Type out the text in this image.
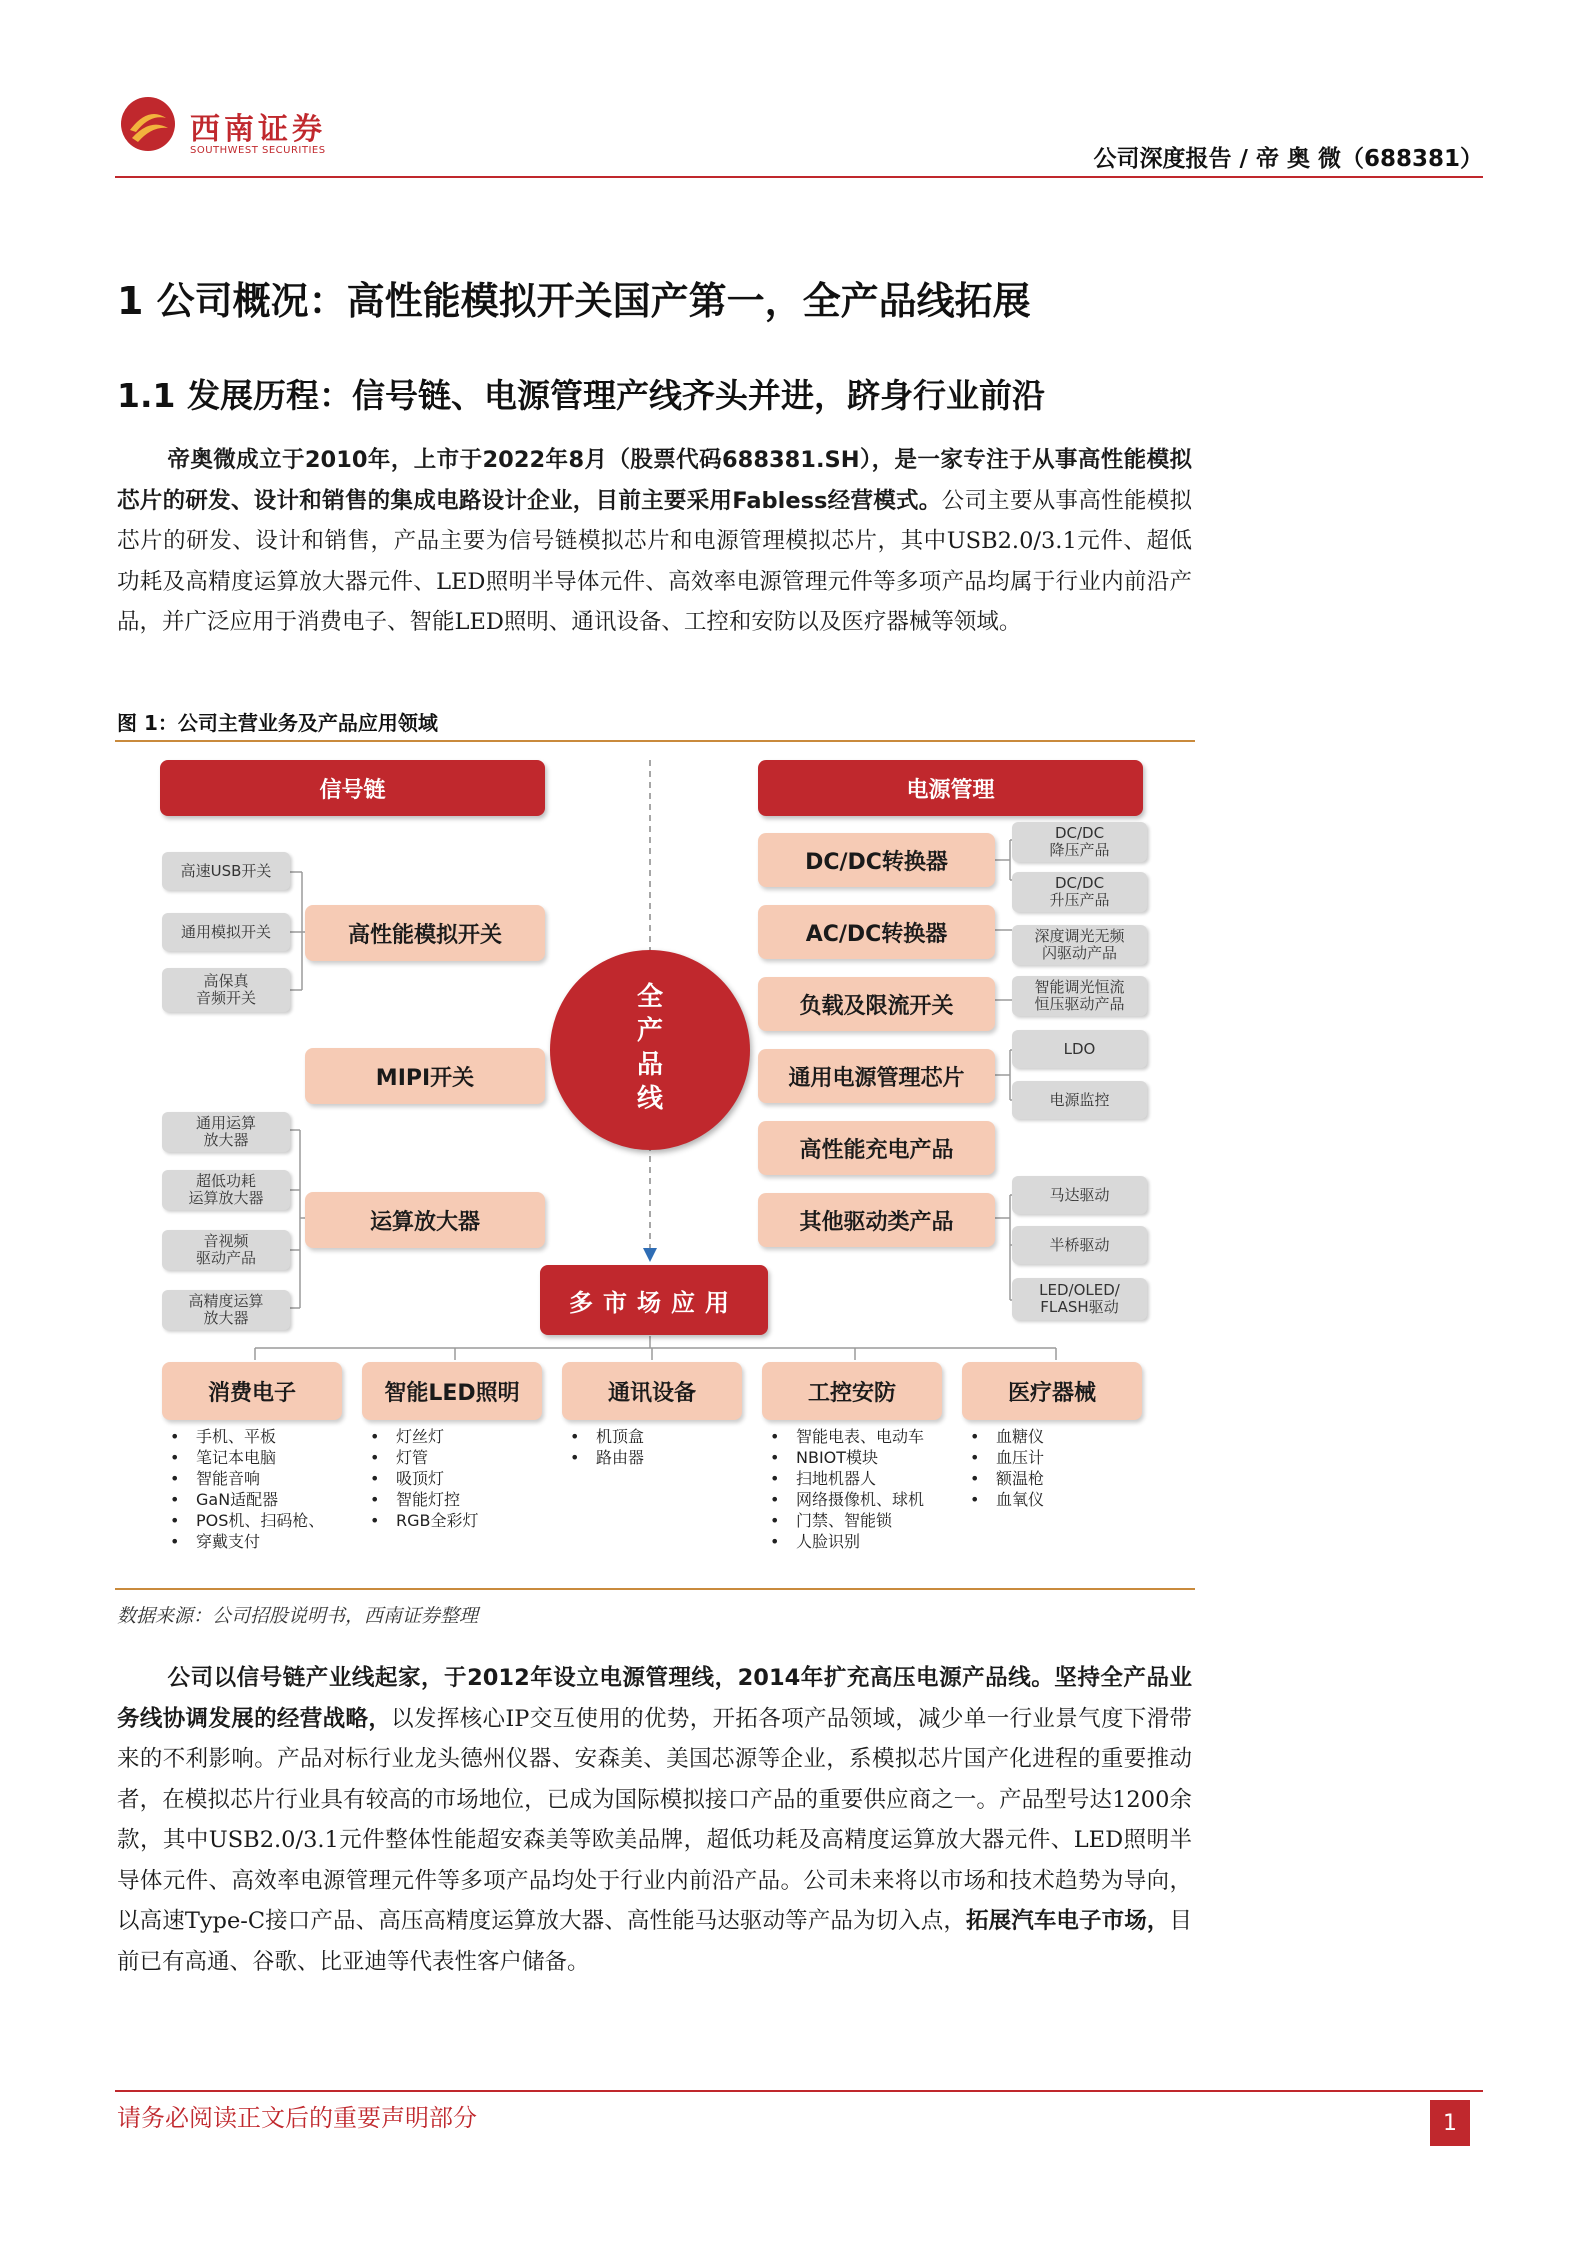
西南证券
SOUTHWEST SECURITIES	公司深度报告 / 帝 奥 微（688381）
1 公司概况：高性能模拟开关国产第一，全产品线拓展
1.1 发展历程：信号链、电源管理产线齐头并进，跻身行业前沿
帝奥微成立于2010年，上市于2022年8月（股票代码688381.SH），是一家专注于从事高性能模拟芯片的研发、设计和销售的集成电路设计企业，目前主要采用Fabless经营模式。公司主要从事高性能模拟芯片的研发、设计和销售，产品主要为信号链模拟芯片和电源管理模拟芯片，其中USB2.0/3.1元件、超低功耗及高精度运算放大器元件、LED照明半导体元件、高效率电源管理元件等多项产品均属于行业内前沿产品，并广泛应用于消费电子、智能LED照明、通讯设备、工控和安防以及医疗器械等领域。
图 1：公司主营业务及产品应用领域
信号链
高性能模拟开关
MIPI开关
运算放大器
高速USB开关
通用模拟开关
高保真
音频开关
通用运算
放大器
超低功耗
运算放大器
音视频
驱动产品
高精度运算
放大器
全
产
品
线
电源管理
DC/DC转换器
AC/DC转换器
负载及限流开关
通用电源管理芯片
高性能充电产品
其他驱动类产品
DC/DC
降压产品
DC/DC
升压产品
深度调光无频
闪驱动产品
智能调光恒流
恒压驱动产品
LDO
电源监控
马达驱动
半桥驱动
LED/OLED/
FLASH驱动
多市场应用
消费电子	智能LED照明	通讯设备	工控安防	医疗器械
• 手机、平板
• 笔记本电脑
• 智能音响
• GaN适配器
• POS机、扫码枪、
• 穿戴支付
• 灯丝灯
• 灯管
• 吸顶灯
• 智能灯控
• RGB全彩灯
• 机顶盒
• 路由器
• 智能电表、电动车
• NBIOT模块
• 扫地机器人
• 网络摄像机、球机
• 门禁、智能锁
• 人脸识别
• 血糖仪
• 血压计
• 额温枪
• 血氧仪
数据来源：公司招股说明书，西南证券整理
公司以信号链产业线起家，于2012年设立电源管理线，2014年扩充高压电源产品线。坚持全产品业务线协调发展的经营战略，以发挥核心IP交互使用的优势，开拓各项产品领域，减少单一行业景气度下滑带来的不利影响。产品对标行业龙头德州仪器、安森美、美国芯源等企业，系模拟芯片国产化进程的重要推动者，在模拟芯片行业具有较高的市场地位，已成为国际模拟接口产品的重要供应商之一。产品型号达1200余款，其中USB2.0/3.1元件整体性能超安森美等欧美品牌，超低功耗及高精度运算放大器元件、LED照明半导体元件、高效率电源管理元件等多项产品均处于行业内前沿产品。公司未来将以市场和技术趋势为导向，以高速Type-C接口产品、高压高精度运算放大器、高性能马达驱动等产品为切入点，拓展汽车电子市场，目前已有高通、谷歌、比亚迪等代表性客户储备。
请务必阅读正文后的重要声明部分	1
